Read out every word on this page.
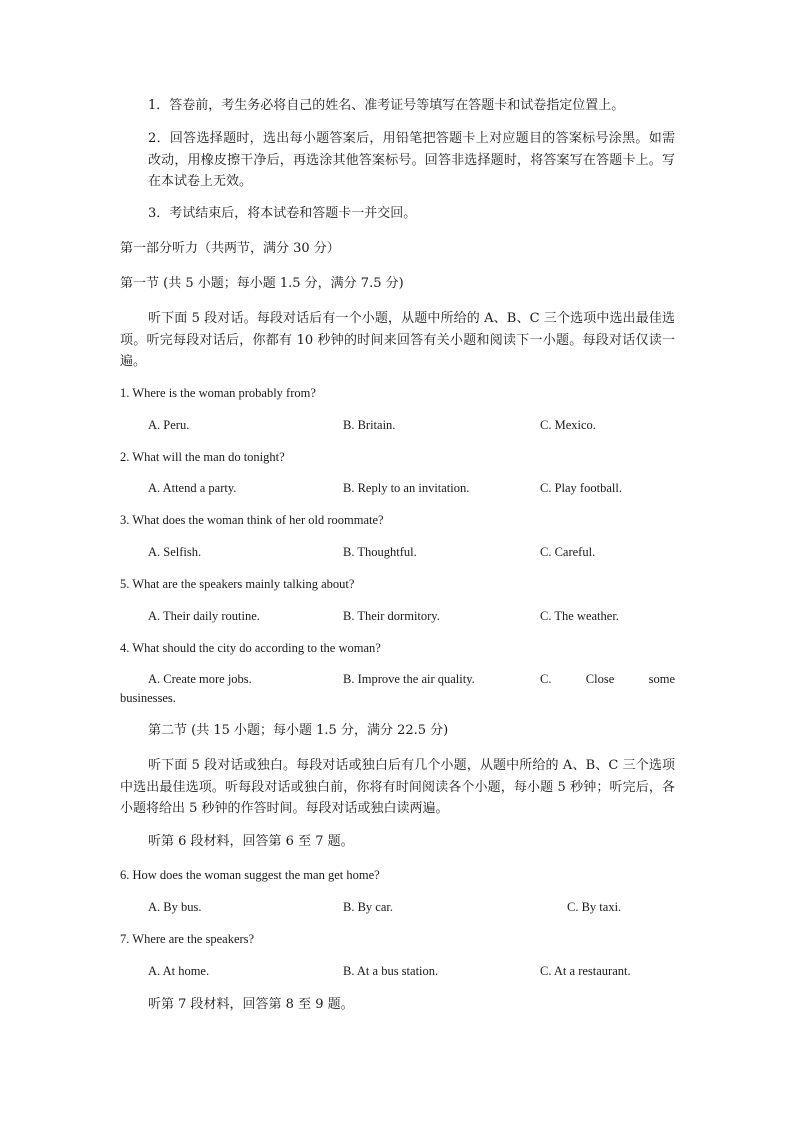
1．答卷前，考生务必将自己的姓名、准考证号等填写在答题卡和试卷指定位置上。
2．回答选择题时，选出每小题答案后，用铅笔把答题卡上对应题目的答案标号涂黑。如需改动，用橡皮擦干净后，再选涂其他答案标号。回答非选择题时，将答案写在答题卡上。写在本试卷上无效。
3．考试结束后，将本试卷和答题卡一并交回。
第一部分听力（共两节，满分 30 分）
第一节 (共 5 小题；每小题 1.5 分，满分 7.5 分)
听下面 5 段对话。每段对话后有一个小题，从题中所给的 A、B、C 三个选项中选出最佳选项。听完每段对话后，你都有 10 秒钟的时间来回答有关小题和阅读下一小题。每段对话仅读一遍。
1. Where is the woman probably from?
A. Peru.	B. Britain.	C. Mexico.
2. What will the man do tonight?
A. Attend a party.	B. Reply to an invitation.	C. Play football.
3. What does the woman think of her old roommate?
A. Selfish.	B. Thoughtful.	C. Careful.
5. What are the speakers mainly talking about?
A. Their daily routine.	B. Their dormitory.	C. The weather.
4. What should the city do according to the woman?
A. Create more jobs.	B. Improve the air quality.	C.	Close	some
businesses.
第二节 (共 15 小题；每小题 1.5 分，满分 22.5 分)
听下面 5 段对话或独白。每段对话或独白后有几个小题，从题中所给的 A、B、C 三个选项中选出最佳选项。听每段对话或独白前，你将有时间阅读各个小题，每小题 5 秒钟；听完后，各小题将给出 5 秒钟的作答时间。每段对话或独白读两遍。
听第 6 段材料，回答第 6 至 7 题。
6. How does the woman suggest the man get home?
A. By bus.	B. By car.	C. By taxi.
7. Where are the speakers?
A. At home.	B. At a bus station.	C. At a restaurant.
听第 7 段材料，回答第 8 至 9 题。
